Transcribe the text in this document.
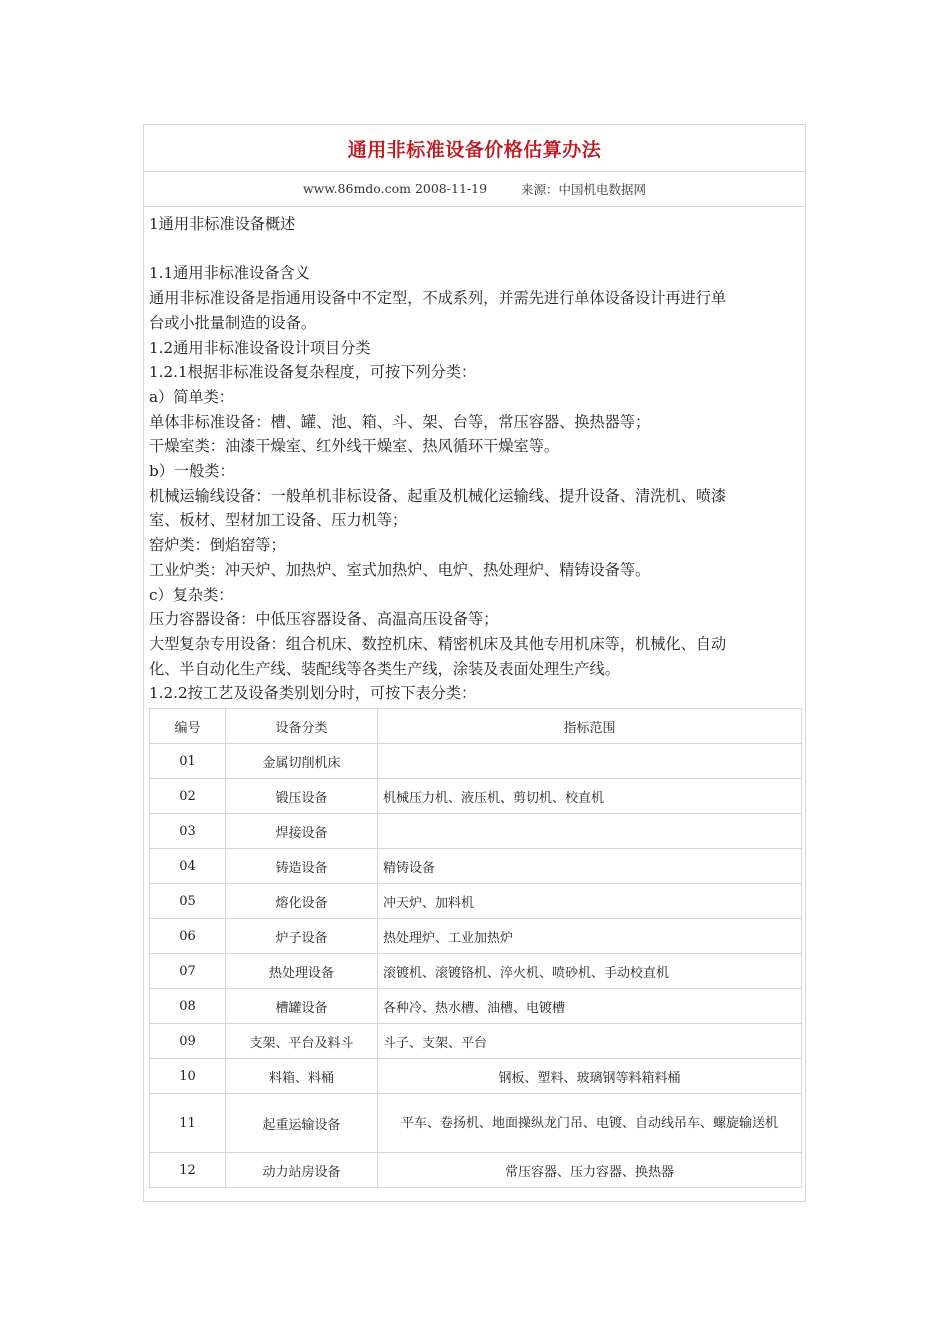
通用非标准设备价格估算办法
www.86mdo.com
2008-11-19	来源：中国机电数据网

1通用非标准设备概述

1.1通用非标准设备含义

通用非标准设备是指通用设备中不定型，不成系列，并需先进行单体设备设计再进行单

台或小批量制造的设备。

1.2通用非标准设备设计项目分类

1.2.1根据非标准设备复杂程度，可按下列分类：

a）简单类：

单体非标准设备：槽、罐、池、箱、斗、架、台等，常压容器、换热器等；

干燥室类：油漆干燥室、红外线干燥室、热风循环干燥室等。

b）一般类：

机械运输线设备：一般单机非标设备、起重及机械化运输线、提升设备、清洗机、喷漆

室、板材、型材加工设备、压力机等；

窑炉类：倒焰窑等；

工业炉类：冲天炉、加热炉、室式加热炉、电炉、热处理炉、精铸设备等。

c）复杂类：

压力容器设备：中低压容器设备、高温高压设备等；

大型复杂专用设备：组合机床、数控机床、精密机床及其他专用机床等，机械化、自动

化、半自动化生产线、装配线等各类生产线，涂装及表面处理生产线。

1.2.2按工艺及设备类别划分时，可按下表分类：

编号	设备分类	指标范围
01	金属切削机床	
02	锻压设备	机械压力机、液压机、剪切机、校直机
03	焊接设备	
04	铸造设备	精铸设备
05	熔化设备	冲天炉、加料机
06	炉子设备	热处理炉、工业加热炉
07	热处理设备	滚镀机、滚镀铬机、淬火机、喷砂机、手动校直机
08	槽罐设备	各种冷、热水槽、油槽、电镀槽
09	支架、平台及料斗	斗子、支架、平台
10	料箱、料桶	钢板、塑料、玻璃钢等料箱料桶
11	起重运输设备	平车、卷扬机、地面操纵龙门吊、电镀、自动线吊车、螺旋输送机
12	动力站房设备	常压容器、压力容器、换热器
